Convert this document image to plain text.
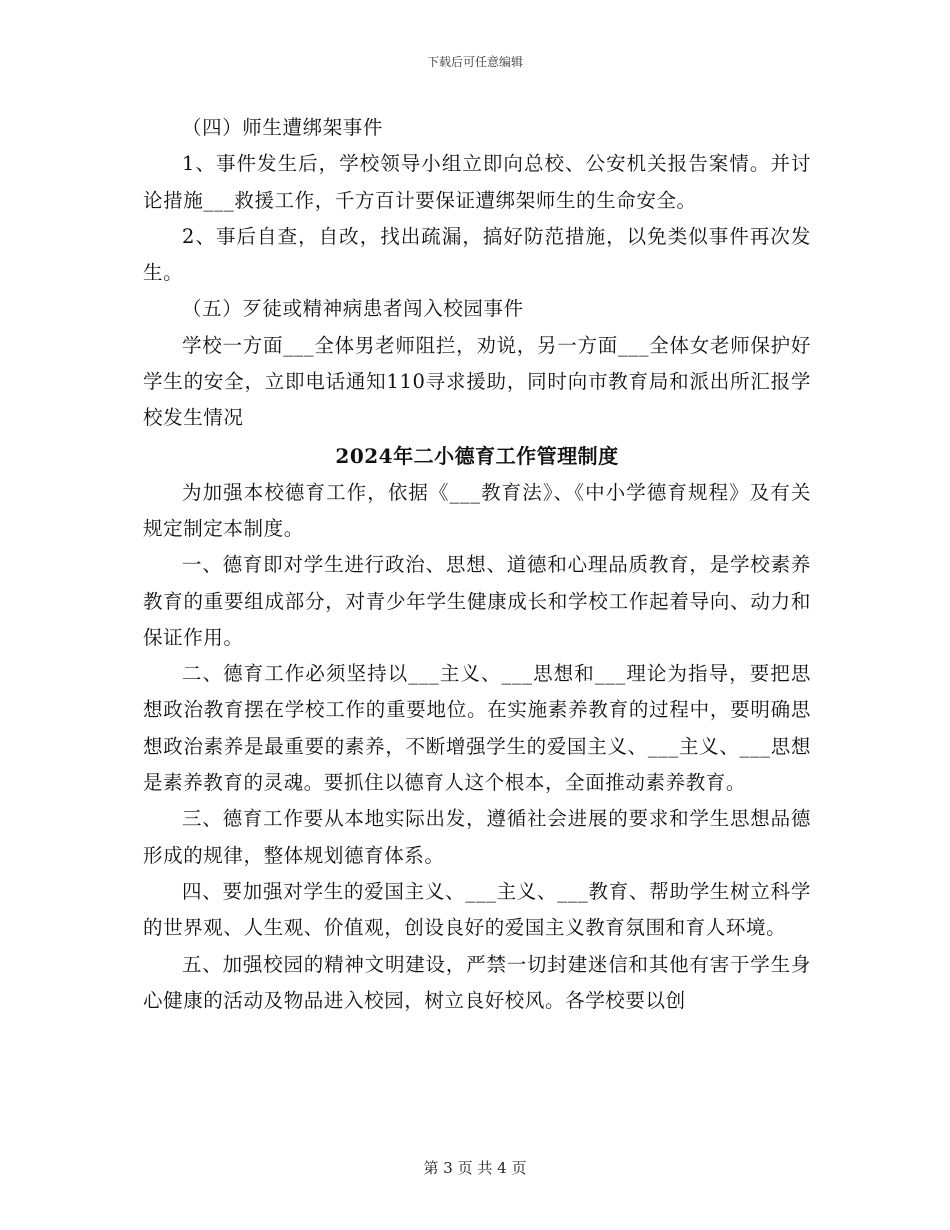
下载后可任意编辑

（四）师生遭绑架事件

1、事件发生后，学校领导小组立即向总校、公安机关报告案情。并讨论措施___救援工作，千方百计要保证遭绑架师生的生命安全。

2、事后自查，自改，找出疏漏，搞好防范措施，以免类似事件再次发生。

（五）歹徒或精神病患者闯入校园事件

学校一方面___全体男老师阻拦，劝说，另一方面___全体女老师保护好学生的安全，立即电话通知110寻求援助，同时向市教育局和派出所汇报学校发生情况

2024年二小德育工作管理制度

为加强本校德育工作，依据《___教育法》、《中小学德育规程》及有关规定制定本制度。

一、德育即对学生进行政治、思想、道德和心理品质教育，是学校素养教育的重要组成部分，对青少年学生健康成长和学校工作起着导向、动力和保证作用。

二、德育工作必须坚持以___主义、___思想和___理论为指导，要把思想政治教育摆在学校工作的重要地位。在实施素养教育的过程中，要明确思想政治素养是最重要的素养，不断增强学生的爱国主义、___主义、___思想是素养教育的灵魂。要抓住以德育人这个根本，全面推动素养教育。

三、德育工作要从本地实际出发，遵循社会进展的要求和学生思想品德形成的规律，整体规划德育体系。

四、要加强对学生的爱国主义、___主义、___教育、帮助学生树立科学的世界观、人生观、价值观，创设良好的爱国主义教育氛围和育人环境。

五、加强校园的精神文明建设，严禁一切封建迷信和其他有害于学生身心健康的活动及物品进入校园，树立良好校风。各学校要以创

第 3 页 共 4 页
